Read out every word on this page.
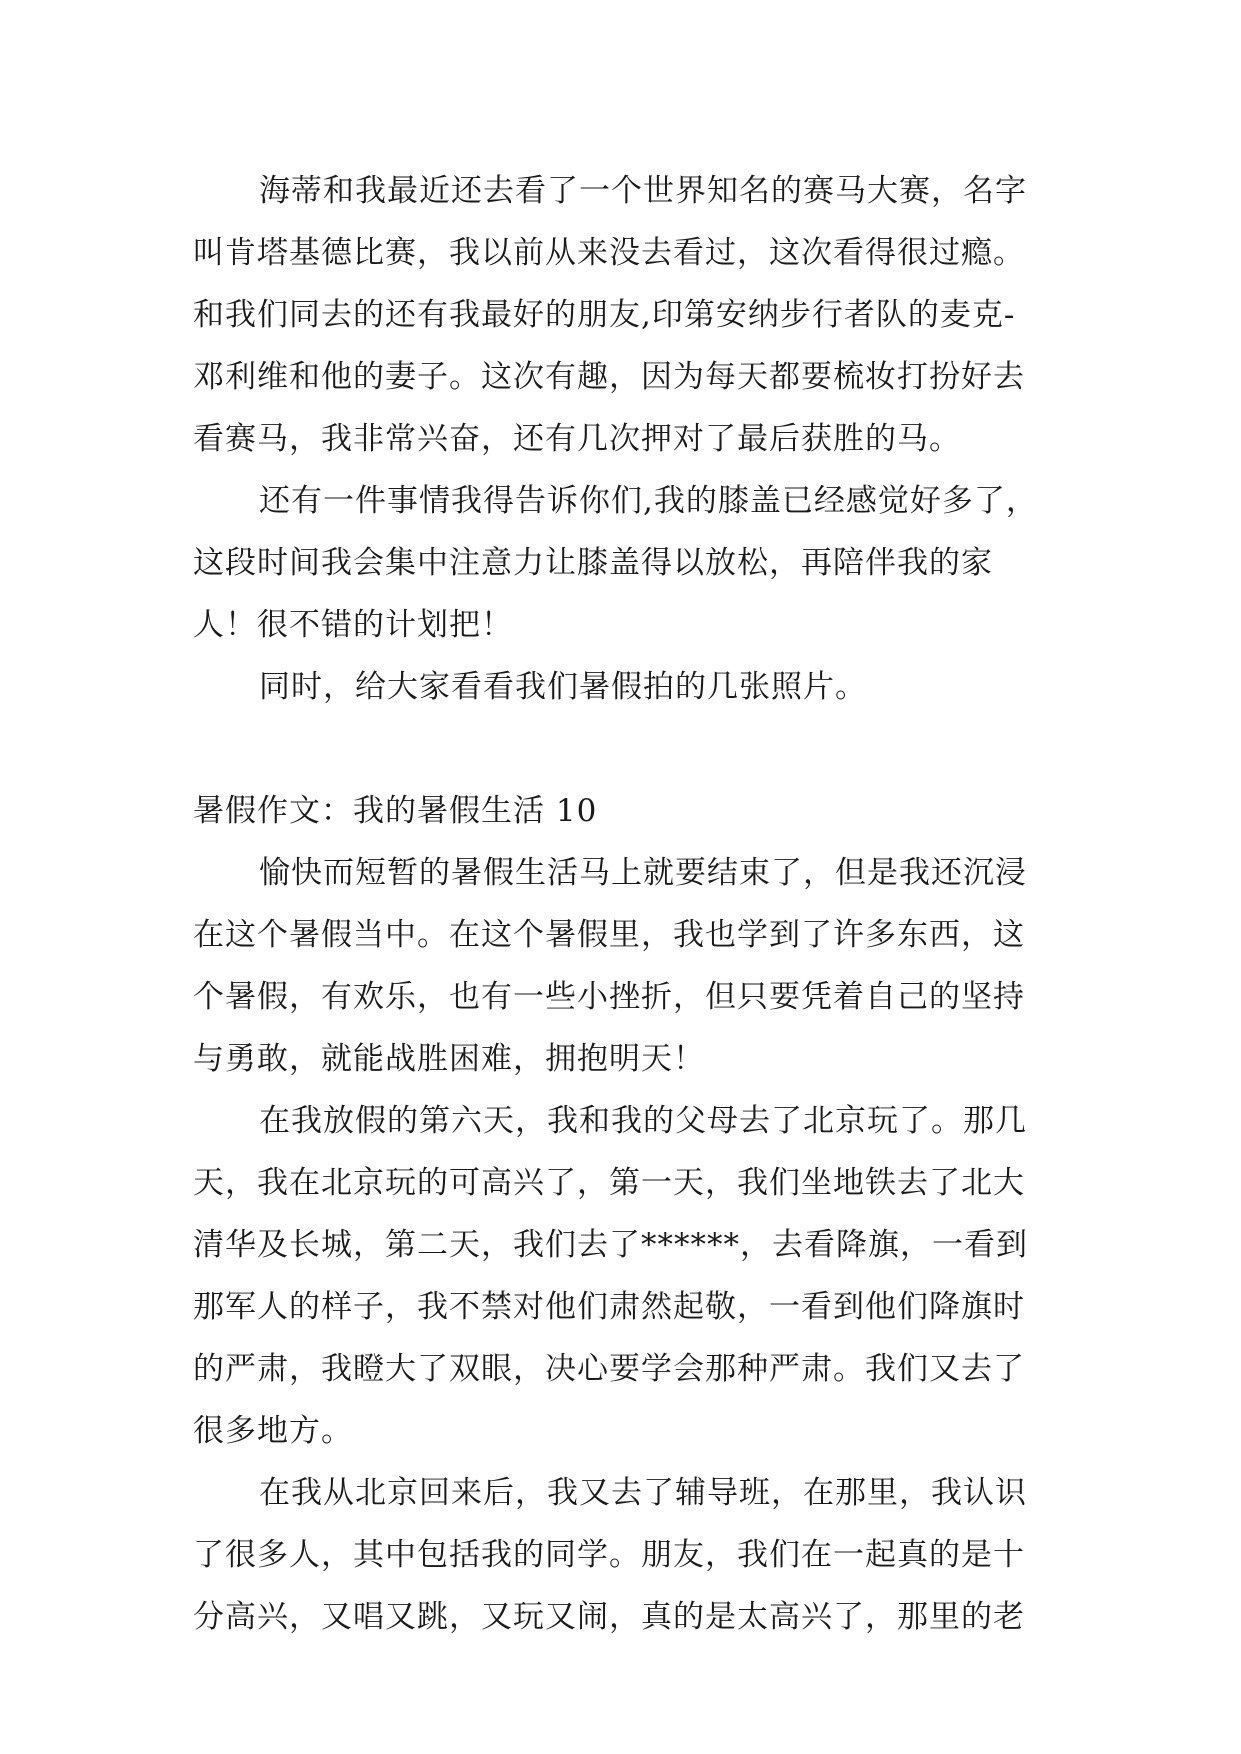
海蒂和我最近还去看了一个世界知名的赛马大赛，名字
叫肯塔基德比赛，我以前从来没去看过，这次看得很过瘾。
和我们同去的还有我最好的朋友,印第安纳步行者队的麦克-
邓利维和他的妻子。这次有趣，因为每天都要梳妆打扮好去
看赛马，我非常兴奋，还有几次押对了最后获胜的马。
还有一件事情我得告诉你们,我的膝盖已经感觉好多了，
这段时间我会集中注意力让膝盖得以放松，再陪伴我的家
人！很不错的计划把！
同时，给大家看看我们暑假拍的几张照片。
暑假作文：我的暑假生活 10
愉快而短暂的暑假生活马上就要结束了，但是我还沉浸
在这个暑假当中。在这个暑假里，我也学到了许多东西，这
个暑假，有欢乐，也有一些小挫折，但只要凭着自己的坚持
与勇敢，就能战胜困难，拥抱明天！
在我放假的第六天，我和我的父母去了北京玩了。那几
天，我在北京玩的可高兴了，第一天，我们坐地铁去了北大
清华及长城，第二天，我们去了******，去看降旗，一看到
那军人的样子，我不禁对他们肃然起敬，一看到他们降旗时
的严肃，我瞪大了双眼，决心要学会那种严肃。我们又去了
很多地方。
在我从北京回来后，我又去了辅导班，在那里，我认识
了很多人，其中包括我的同学。朋友，我们在一起真的是十
分高兴，又唱又跳，又玩又闹，真的是太高兴了，那里的老
